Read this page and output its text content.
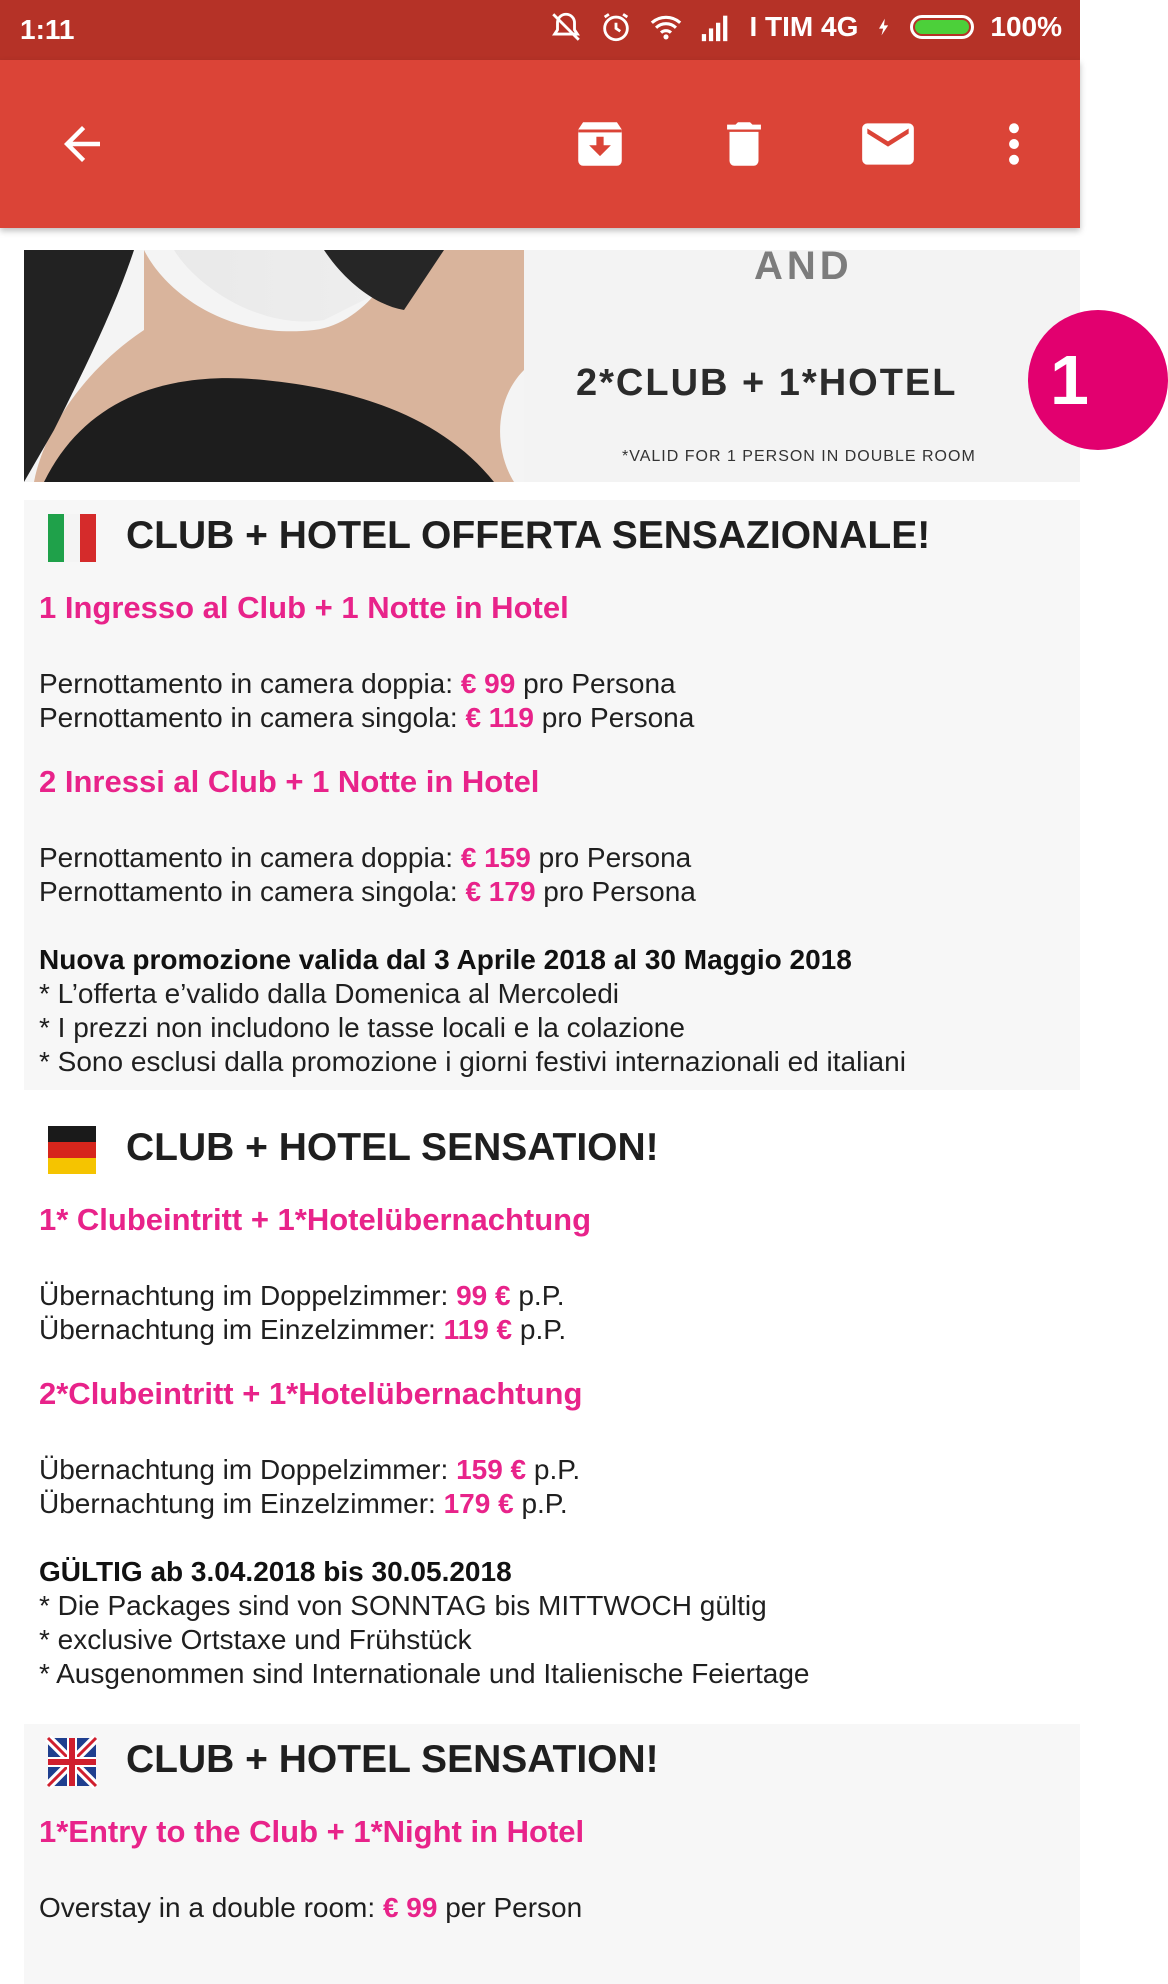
1:11	I TIM 4G	100%
AND
2*CLUB + 1*HOTEL
*VALID FOR 1 PERSON IN DOUBLE ROOM
1
CLUB + HOTEL OFFERTA SENSAZIONALE!
1 Ingresso al Club + 1 Notte in Hotel
Pernottamento in camera doppia: € 99 pro Persona
Pernottamento in camera singola: € 119 pro Persona
2 Inressi al Club + 1 Notte in Hotel
Pernottamento in camera doppia: € 159 pro Persona
Pernottamento in camera singola: € 179 pro Persona
Nuova promozione valida dal 3 Aprile 2018 al 30 Maggio 2018
* L’offerta e’valido dalla Domenica al Mercoledi
* I prezzi non includono le tasse locali e la colazione
* Sono esclusi dalla promozione i giorni festivi internazionali ed italiani
CLUB + HOTEL SENSATION!
1* Clubeintritt + 1*Hotelübernachtung
Übernachtung im Doppelzimmer: 99 € p.P.
Übernachtung im Einzelzimmer: 119 € p.P.
2*Clubeintritt + 1*Hotelübernachtung
Übernachtung im Doppelzimmer: 159 € p.P.
Übernachtung im Einzelzimmer: 179 € p.P.
GÜLTIG ab 3.04.2018 bis 30.05.2018
* Die Packages sind von SONNTAG bis MITTWOCH gültig
* exclusive Ortstaxe und Frühstück
* Ausgenommen sind Internationale und Italienische Feiertage
CLUB + HOTEL SENSATION!
1*Entry to the Club + 1*Night in Hotel
Overstay in a double room: € 99 per Person
